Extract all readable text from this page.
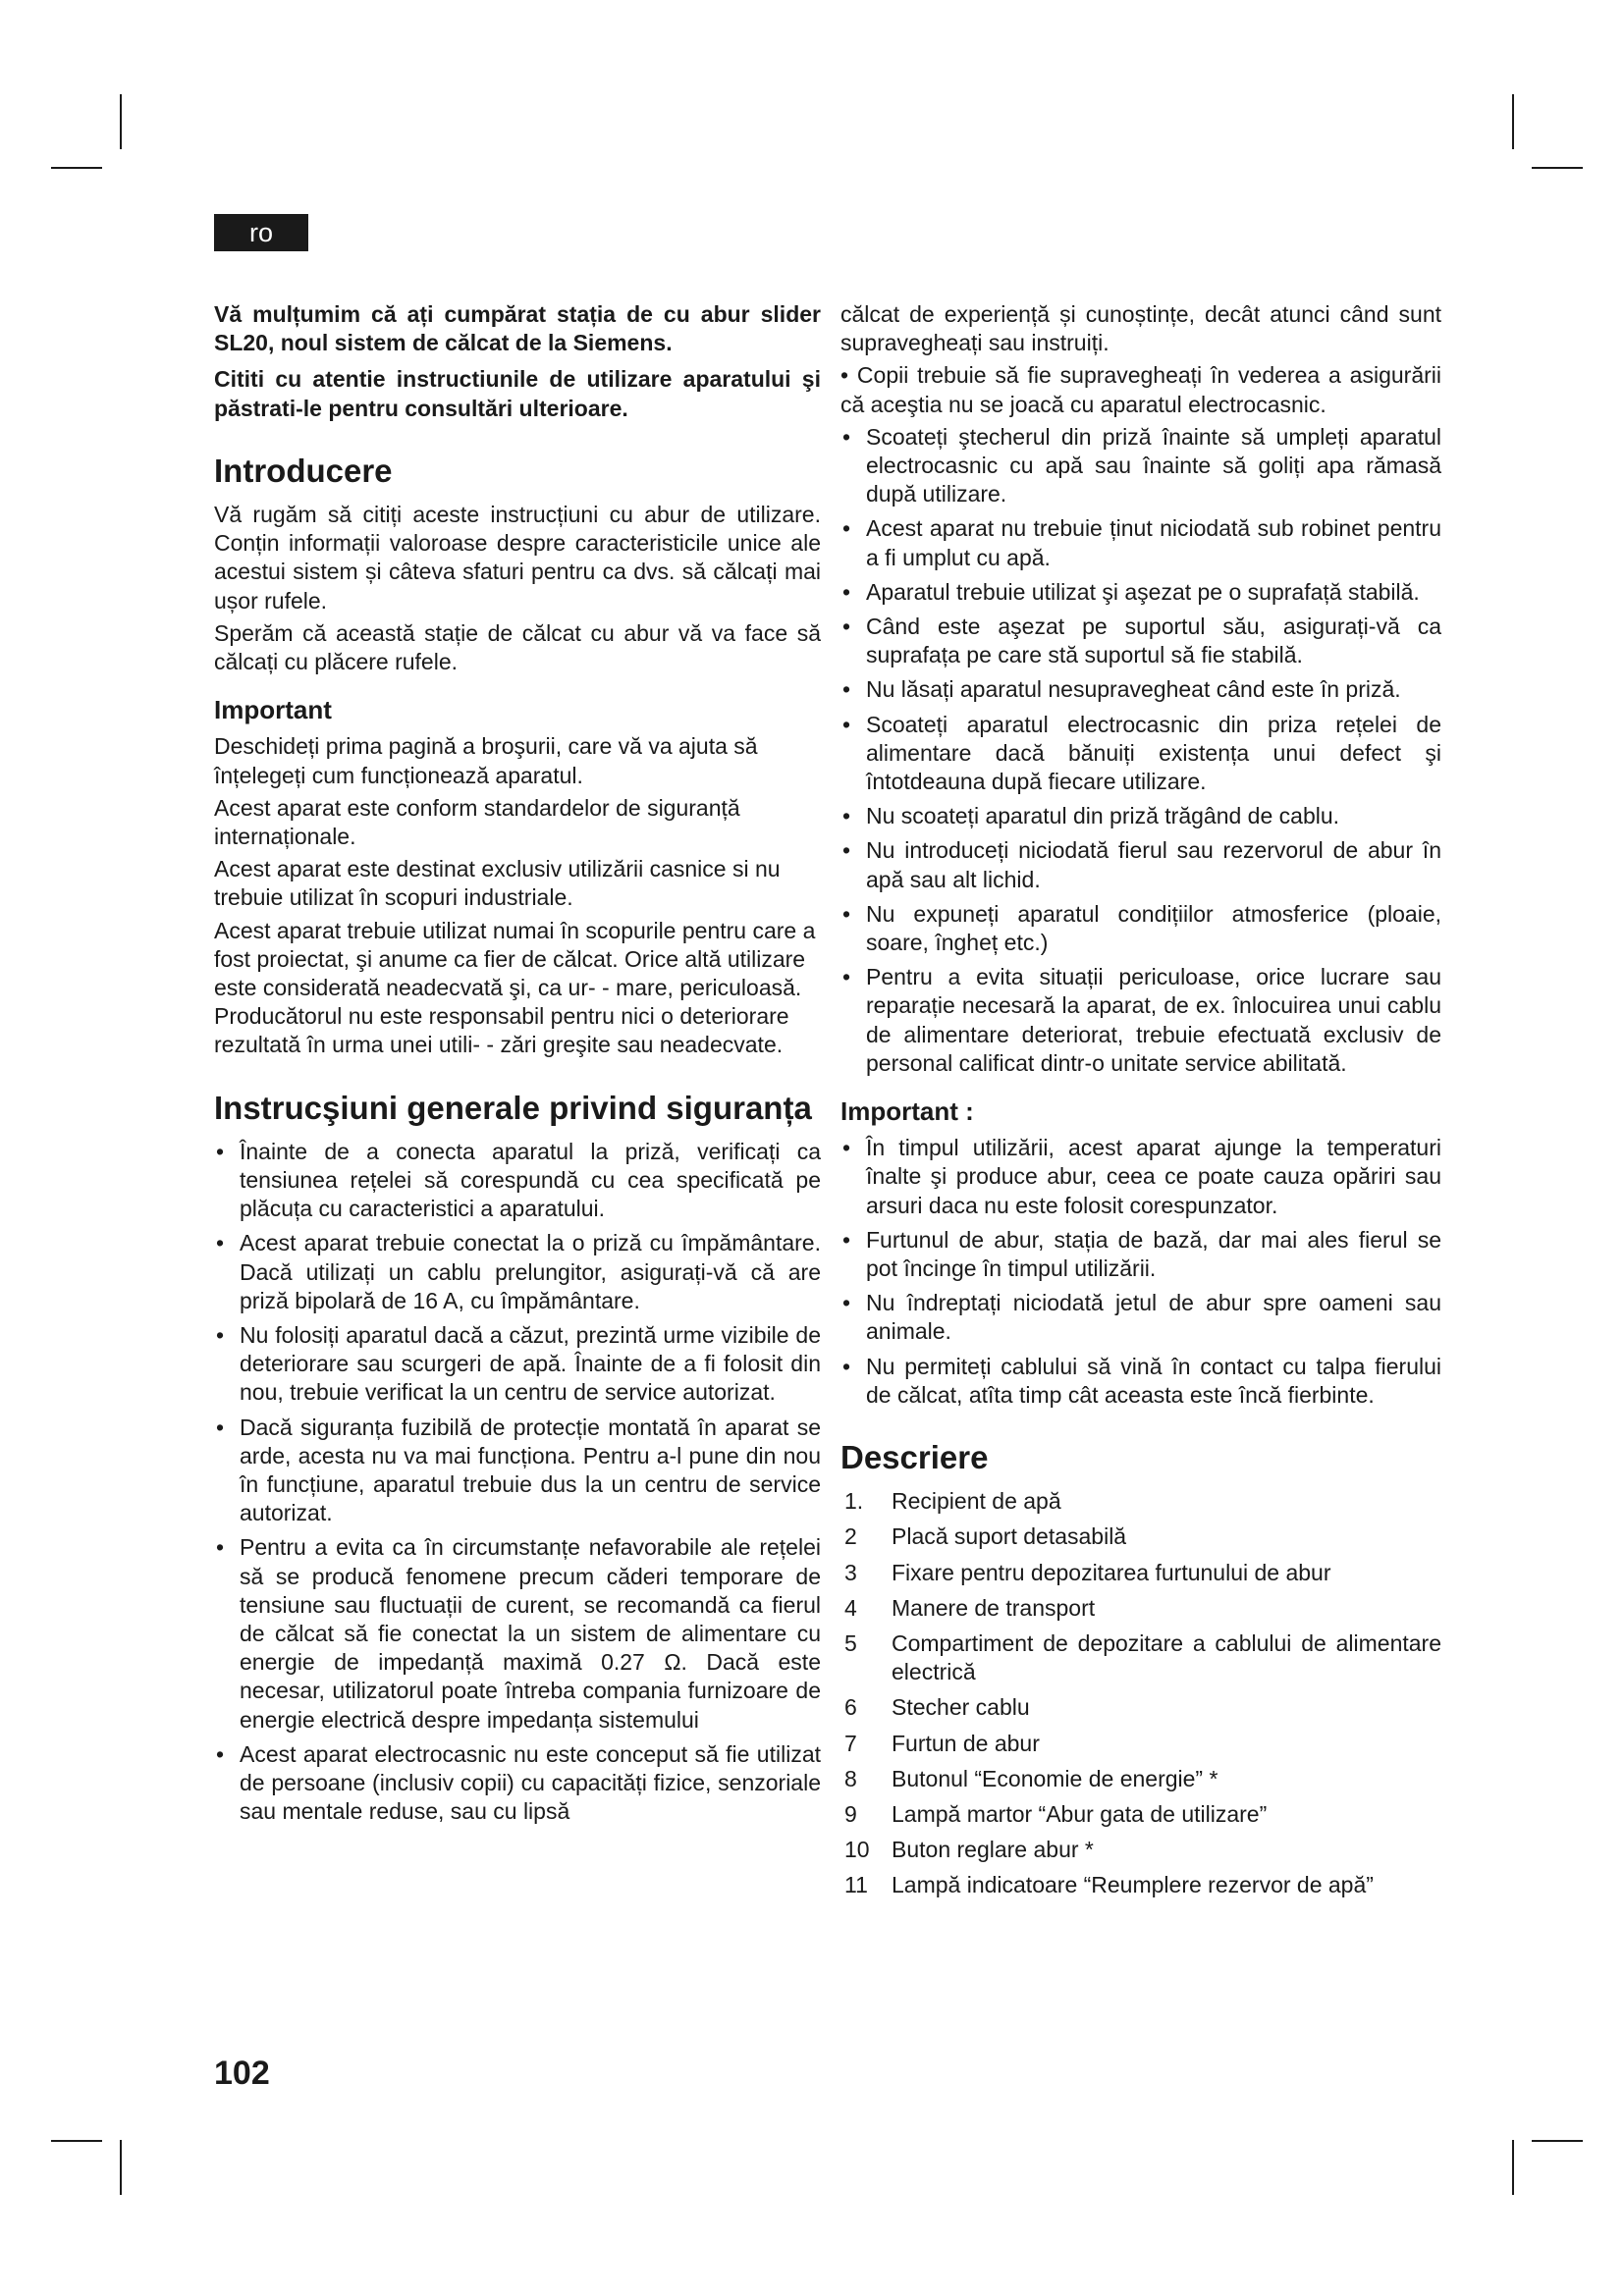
ro

Vă mulțumim că ați cumpărat stația de cu abur slider SL20, noul sistem de călcat de la Siemens.

Cititi cu atentie instructiunile de utilizare aparatului şi păstrati-le pentru consultări ulterioare.

Introducere

Vă rugăm să citiți aceste instrucțiuni cu abur de utilizare. Conțin informații valoroase despre caracteristicile unice ale acestui sistem și câteva sfaturi pentru ca dvs. să călcați mai ușor rufele.

Sperăm că această stație de călcat cu abur vă va face să călcați cu plăcere rufele.

Important

Deschideți prima pagină a broşurii, care vă va ajuta să înțelegeți cum funcționează aparatul.

Acest aparat este conform standardelor de siguranță internaționale.

Acest aparat este destinat exclusiv utilizării casnice si nu trebuie utilizat în scopuri industriale.

Acest aparat trebuie utilizat numai în scopurile pentru care a fost proiectat, şi anume ca fier de călcat. Orice altă utilizare este considerată neadecvată şi, ca ur- - mare, periculoasă. Producătorul nu este responsabil pentru nici o deteriorare rezultată în urma unei utili- - zări greşite sau neadecvate.

Instrucşiuni generale privind siguranța
• Înainte de a conecta aparatul la priză, verificați ca tensiunea rețelei să corespundă cu cea specificată pe plăcuța cu caracteristici a aparatului.
• Acest aparat trebuie conectat la o priză cu împământare. Dacă utilizați un cablu prelungitor, asigurați-vă că are priză bipolară de 16 A, cu împământare.
• Nu folosiți aparatul dacă a căzut, prezintă urme vizibile de deteriorare sau scurgeri de apă. Înainte de a fi folosit din nou, trebuie verificat la un centru de service autorizat.
• Dacă siguranța fuzibilă de protecție montată în aparat se arde, acesta nu va mai funcționa. Pentru a-l pune din nou în funcțiune, aparatul trebuie dus la un centru de service autorizat.
• Pentru a evita ca în circumstanțe nefavorabile ale rețelei să se producă fenomene precum căderi temporare de tensiune sau fluctuații de curent, se recomandă ca fierul de călcat să fie conectat la un sistem de alimentare cu energie de impedanță maximă 0.27 Ω. Dacă este necesar, utilizatorul poate întreba compania furnizoare de energie electrică despre impedanța sistemului
• Acest aparat electrocasnic nu este conceput să fie utilizat de persoane (inclusiv copii) cu capacități fizice, senzoriale sau mentale reduse, sau cu lipsă

călcat de experiență și cunoștințe, decât atunci când sunt supravegheați sau instruiți.

• Copii trebuie să fie supravegheați în vederea a asigurării că aceştia nu se joacă cu aparatul electrocasnic.

• Scoateți ştecherul din priză înainte să umpleți aparatul electrocasnic cu apă sau înainte să goliți apa rămasă după utilizare.
• Acest aparat nu trebuie ținut niciodată sub robinet pentru a fi umplut cu apă.
• Aparatul trebuie utilizat şi aşezat pe o suprafață stabilă.
• Când este aşezat pe suportul său, asigurați-vă ca suprafața pe care stă suportul să fie stabilă.
• Nu lăsați aparatul nesupravegheat când este în priză.
• Scoateți aparatul electrocasnic din priza rețelei de alimentare dacă bănuiți existența unui defect şi întotdeauna după fiecare utilizare.
• Nu scoateți aparatul din priză trăgând de cablu.
• Nu introduceți niciodată fierul sau rezervorul de abur în apă sau alt lichid.
• Nu expuneți aparatul condițiilor atmosferice (ploaie, soare, îngheț etc.)
• Pentru a evita situații periculoase, orice lucrare sau reparație necesară la aparat, de ex. înlocuirea unui cablu de alimentare deteriorat, trebuie efectuată exclusiv de personal calificat dintr-o unitate service abilitată.
Important :
• În timpul utilizării, acest aparat ajunge la temperaturi înalte şi produce abur, ceea ce poate cauza opăriri sau arsuri daca nu este folosit corespunzator.
• Furtunul de abur, stația de bază, dar mai ales fierul se pot încinge în timpul utilizării.
• Nu îndreptați niciodată jetul de abur spre oameni sau animale.
• Nu permiteți cablului să vină în contact cu talpa fierului de călcat, atîta timp cât aceasta este încă fierbinte.
Descriere
1.	Recipient de apă
2	Placă suport detasabilă
3	Fixare pentru depozitarea furtunului de abur
4	Manere de transport
5	Compartiment de depozitare a cablului de alimentare electrică
6	Stecher cablu
7	Furtun de abur
8	Butonul “Economie de energie” *
9	Lampă martor “Abur gata de utilizare”
10 Buton reglare abur *
11	Lampă indicatoare “Reumplere rezervor de apă”
102
